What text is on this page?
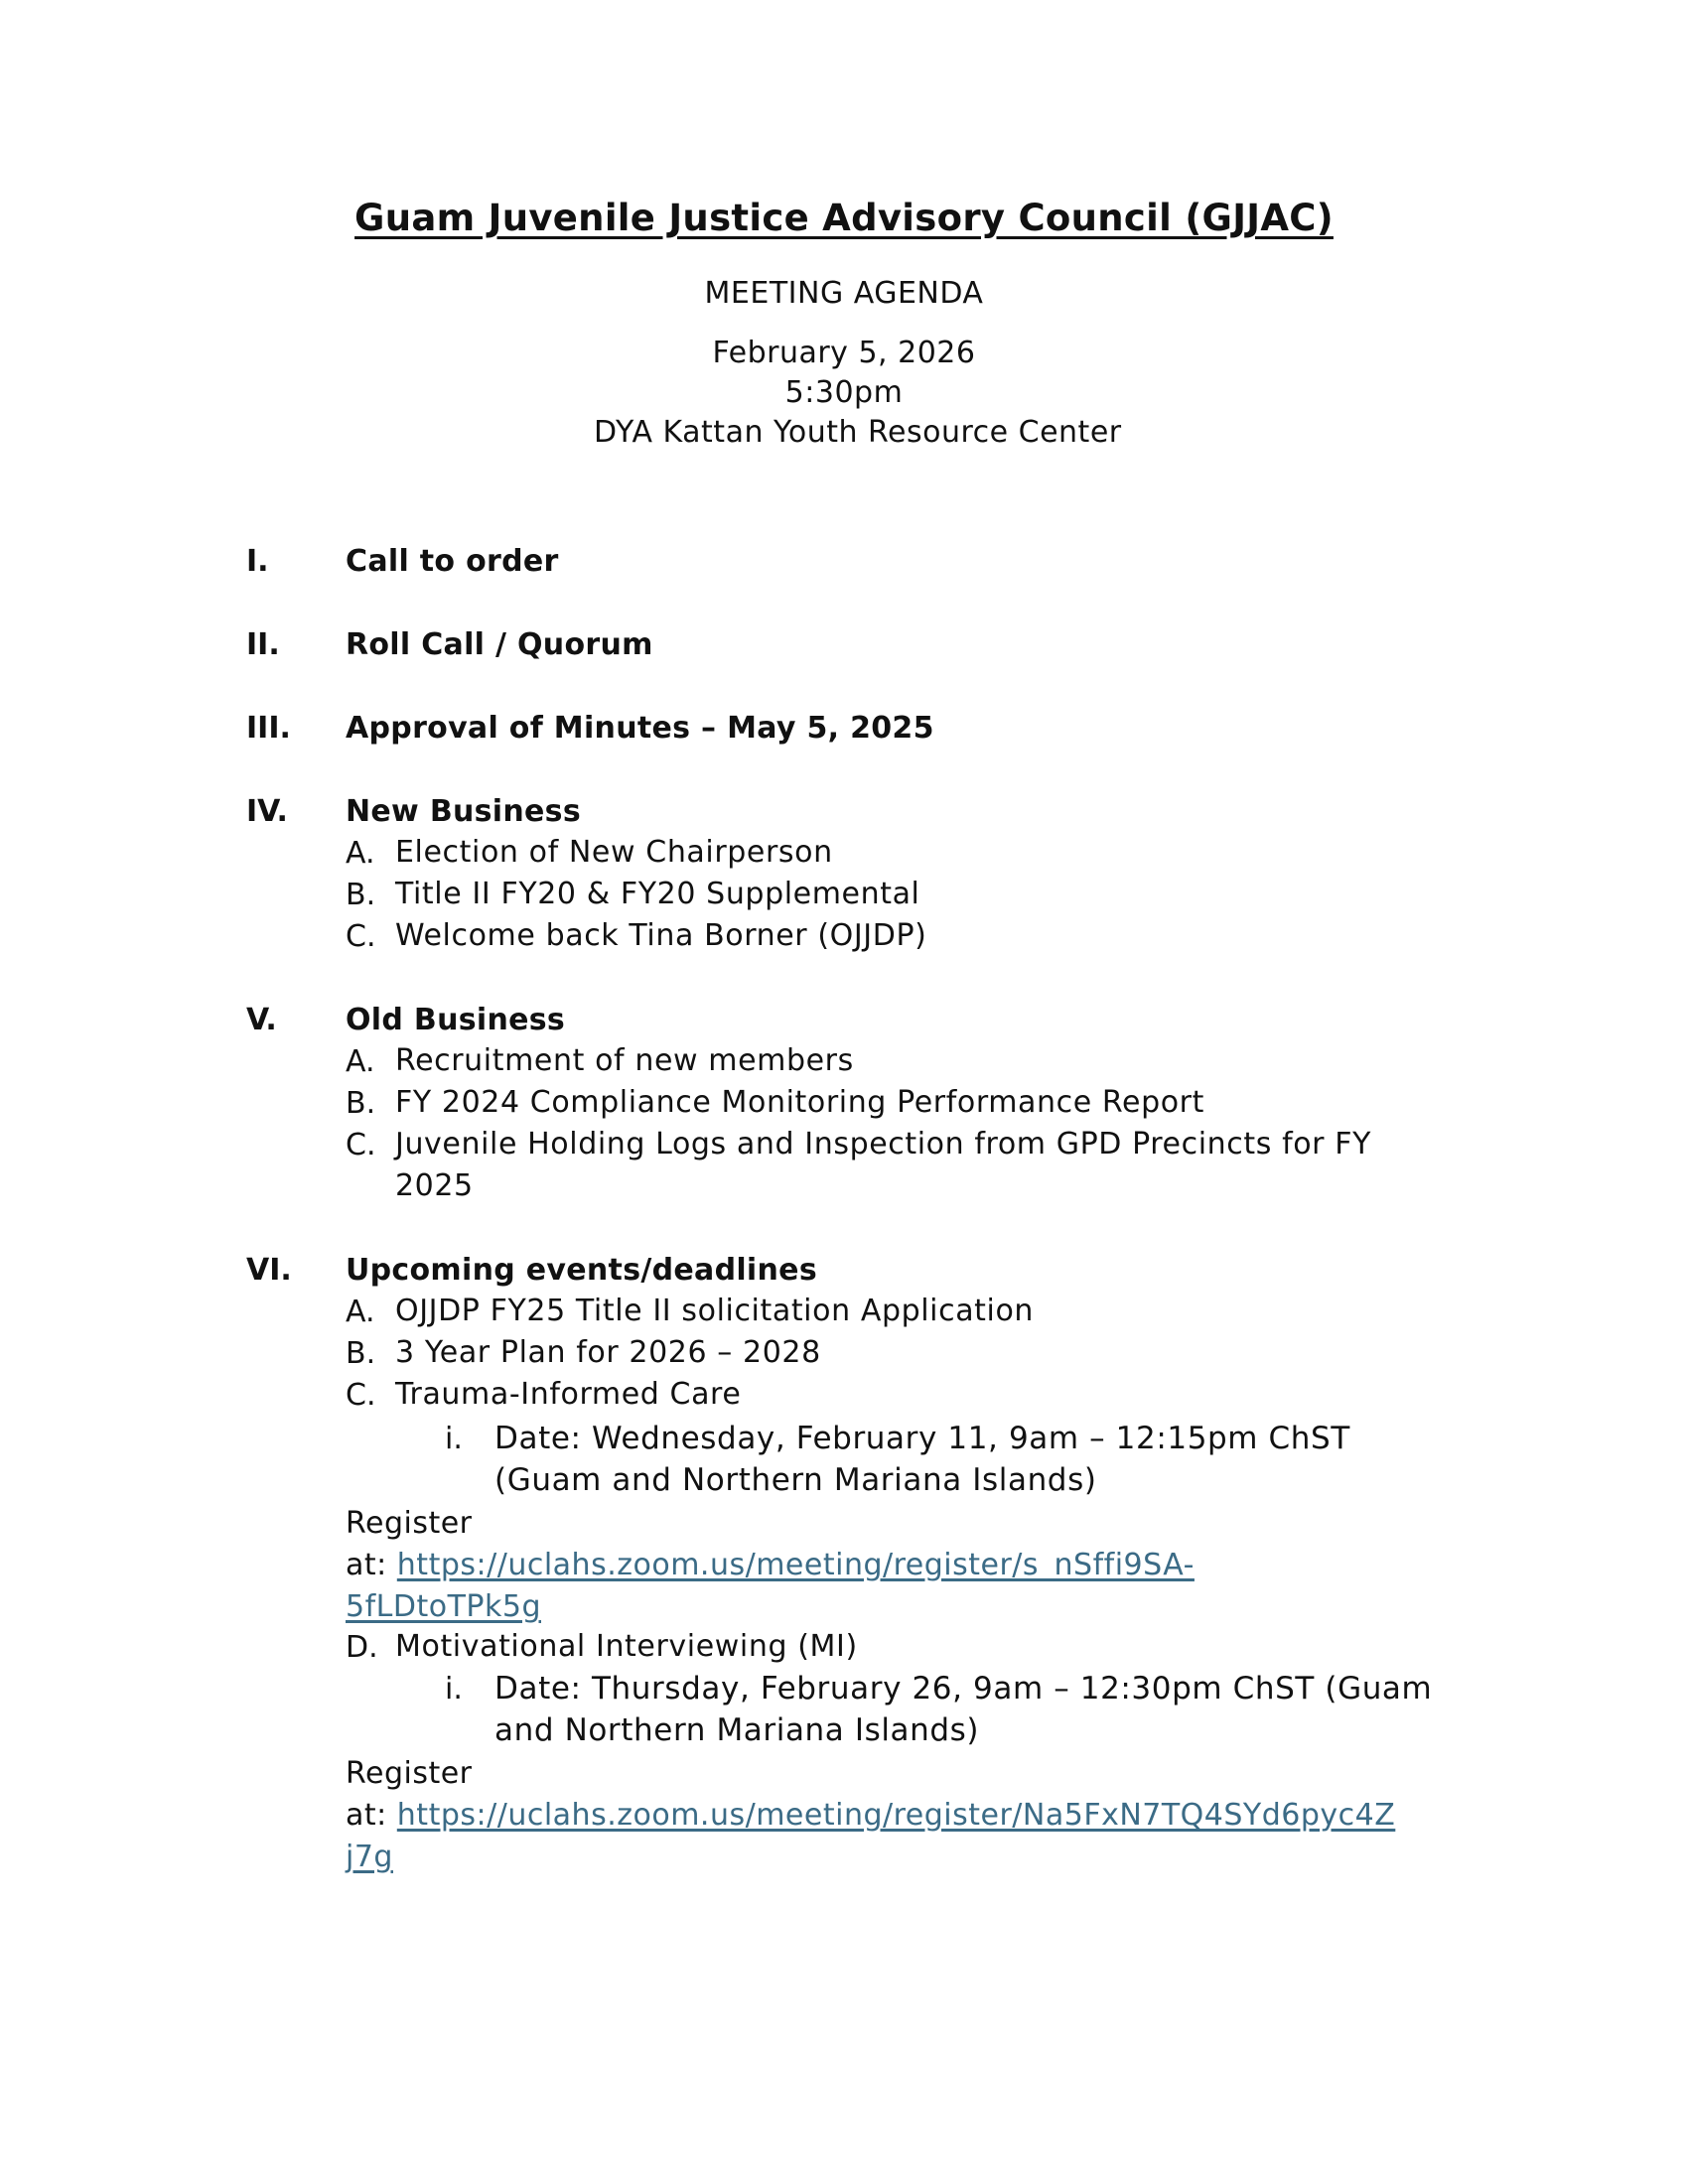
Guam Juvenile Justice Advisory Council (GJJAC)
MEETING AGENDA
February 5, 2026
5:30pm
DYA Kattan Youth Resource Center
I.	Call to order
II. Roll Call / Quorum
III. Approval of Minutes – May 5, 2025
IV. New Business
A. Election of New Chairperson
B. Title II FY20 & FY20 Supplemental
C. Welcome back Tina Borner (OJJDP)
V. Old Business
A. Recruitment of new members
B. FY 2024 Compliance Monitoring Performance Report
C. Juvenile Holding Logs and Inspection from GPD Precincts for FY
2025
VI. Upcoming events/deadlines
A. OJJDP FY25 Title II solicitation Application
B. 3 Year Plan for 2026 – 2028
C. Trauma-Informed Care
i. Date: Wednesday, February 11, 9am – 12:15pm ChST
(Guam and Northern Mariana Islands)
Register
at: https://uclahs.zoom.us/meeting/register/s_nSffi9SA-
5fLDtoTPk5g
D. Motivational Interviewing (MI)
i. Date: Thursday, February 26, 9am – 12:30pm ChST (Guam
and Northern Mariana Islands)
Register
at: https://uclahs.zoom.us/meeting/register/Na5FxN7TQ4SYd6pyc4Z
j7g
